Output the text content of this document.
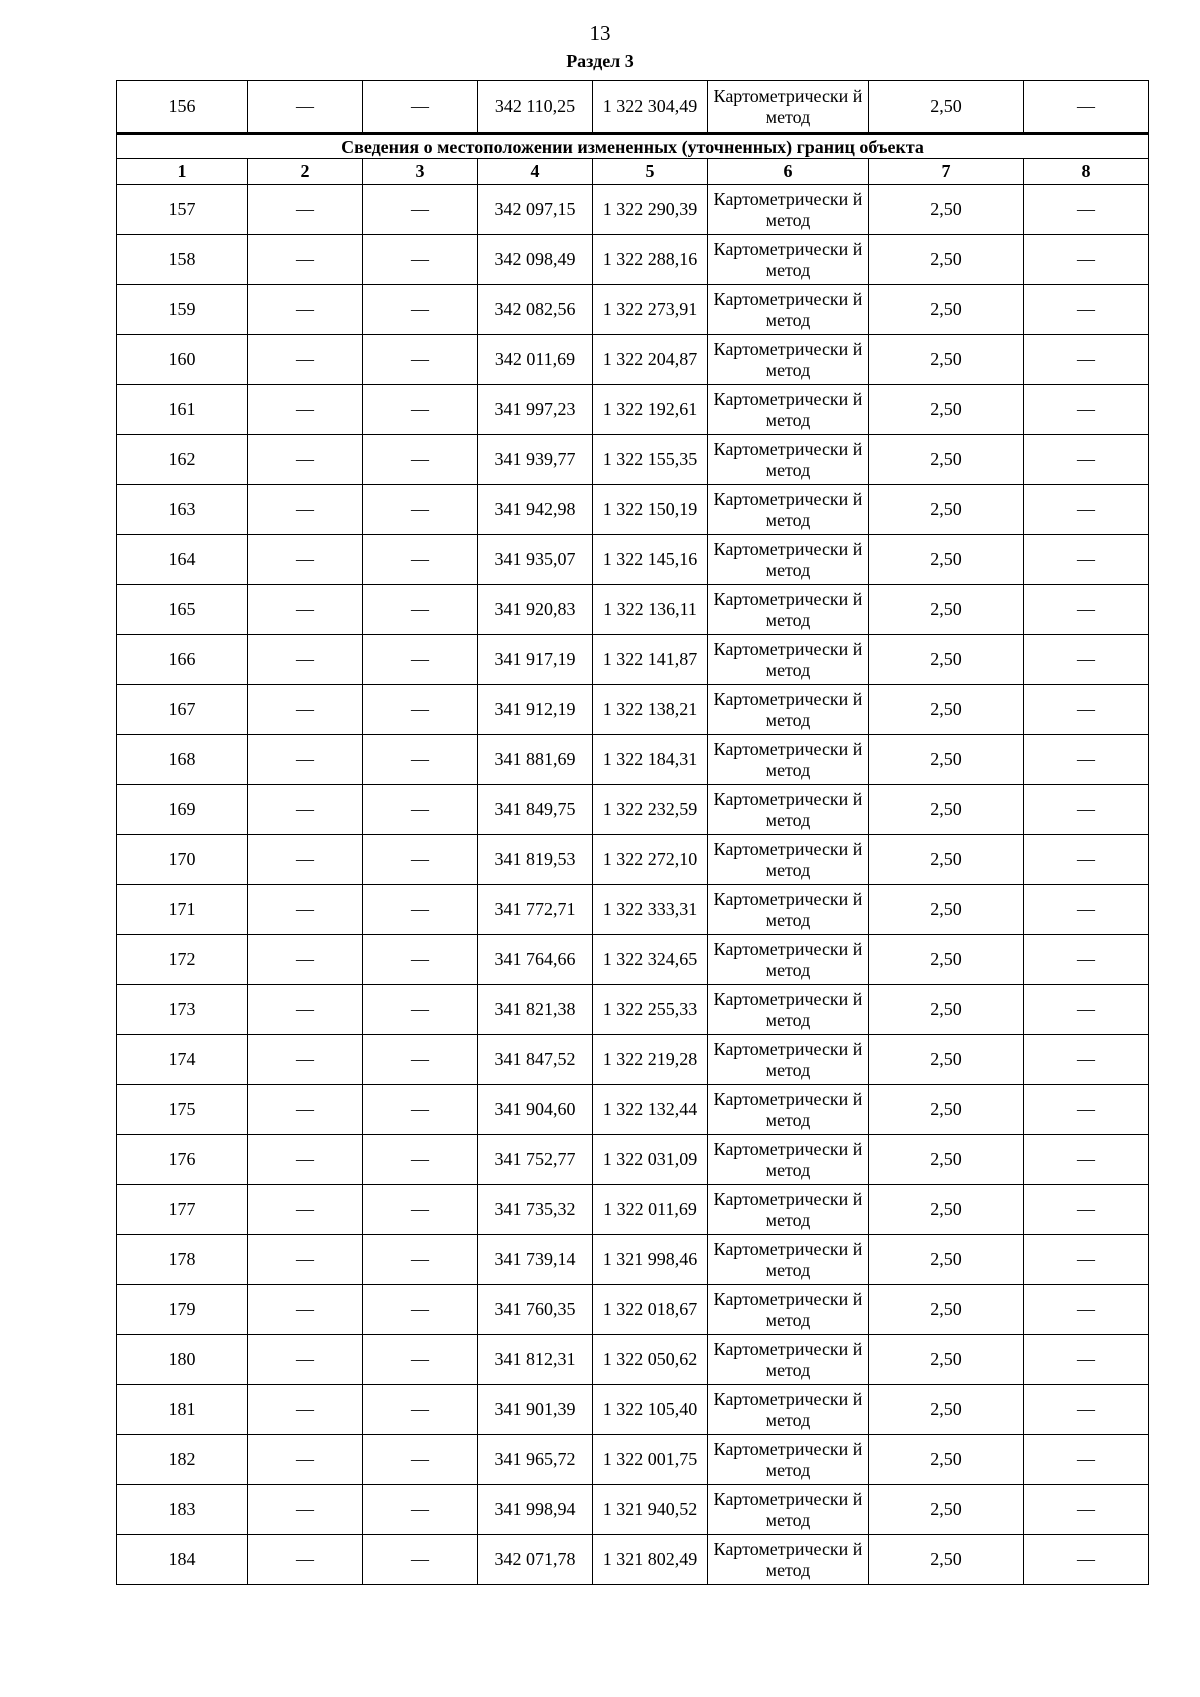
13
Раздел 3
156	—	—	342 110,25	1 322 304,49	Картометрически й метод	2,50	—
Сведения о местоположении измененных (уточненных) границ объекта							
1	2	3	4	5	6	7	8
157	—	—	342 097,15	1 322 290,39	Картометрически й метод	2,50	—
158	—	—	342 098,49	1 322 288,16	Картометрически й метод	2,50	—
159	—	—	342 082,56	1 322 273,91	Картометрически й метод	2,50	—
160	—	—	342 011,69	1 322 204,87	Картометрически й метод	2,50	—
161	—	—	341 997,23	1 322 192,61	Картометрически й метод	2,50	—
162	—	—	341 939,77	1 322 155,35	Картометрически й метод	2,50	—
163	—	—	341 942,98	1 322 150,19	Картометрически й метод	2,50	—
164	—	—	341 935,07	1 322 145,16	Картометрически й метод	2,50	—
165	—	—	341 920,83	1 322 136,11	Картометрически й метод	2,50	—
166	—	—	341 917,19	1 322 141,87	Картометрически й метод	2,50	—
167	—	—	341 912,19	1 322 138,21	Картометрически й метод	2,50	—
168	—	—	341 881,69	1 322 184,31	Картометрически й метод	2,50	—
169	—	—	341 849,75	1 322 232,59	Картометрически й метод	2,50	—
170	—	—	341 819,53	1 322 272,10	Картометрически й метод	2,50	—
171	—	—	341 772,71	1 322 333,31	Картометрически й метод	2,50	—
172	—	—	341 764,66	1 322 324,65	Картометрически й метод	2,50	—
173	—	—	341 821,38	1 322 255,33	Картометрически й метод	2,50	—
174	—	—	341 847,52	1 322 219,28	Картометрически й метод	2,50	—
175	—	—	341 904,60	1 322 132,44	Картометрически й метод	2,50	—
176	—	—	341 752,77	1 322 031,09	Картометрически й метод	2,50	—
177	—	—	341 735,32	1 322 011,69	Картометрически й метод	2,50	—
178	—	—	341 739,14	1 321 998,46	Картометрически й метод	2,50	—
179	—	—	341 760,35	1 322 018,67	Картометрически й метод	2,50	—
180	—	—	341 812,31	1 322 050,62	Картометрически й метод	2,50	—
181	—	—	341 901,39	1 322 105,40	Картометрически й метод	2,50	—
182	—	—	341 965,72	1 322 001,75	Картометрически й метод	2,50	—
183	—	—	341 998,94	1 321 940,52	Картометрически й метод	2,50	—
184	—	—	342 071,78	1 321 802,49	Картометрически й метод	2,50	—
